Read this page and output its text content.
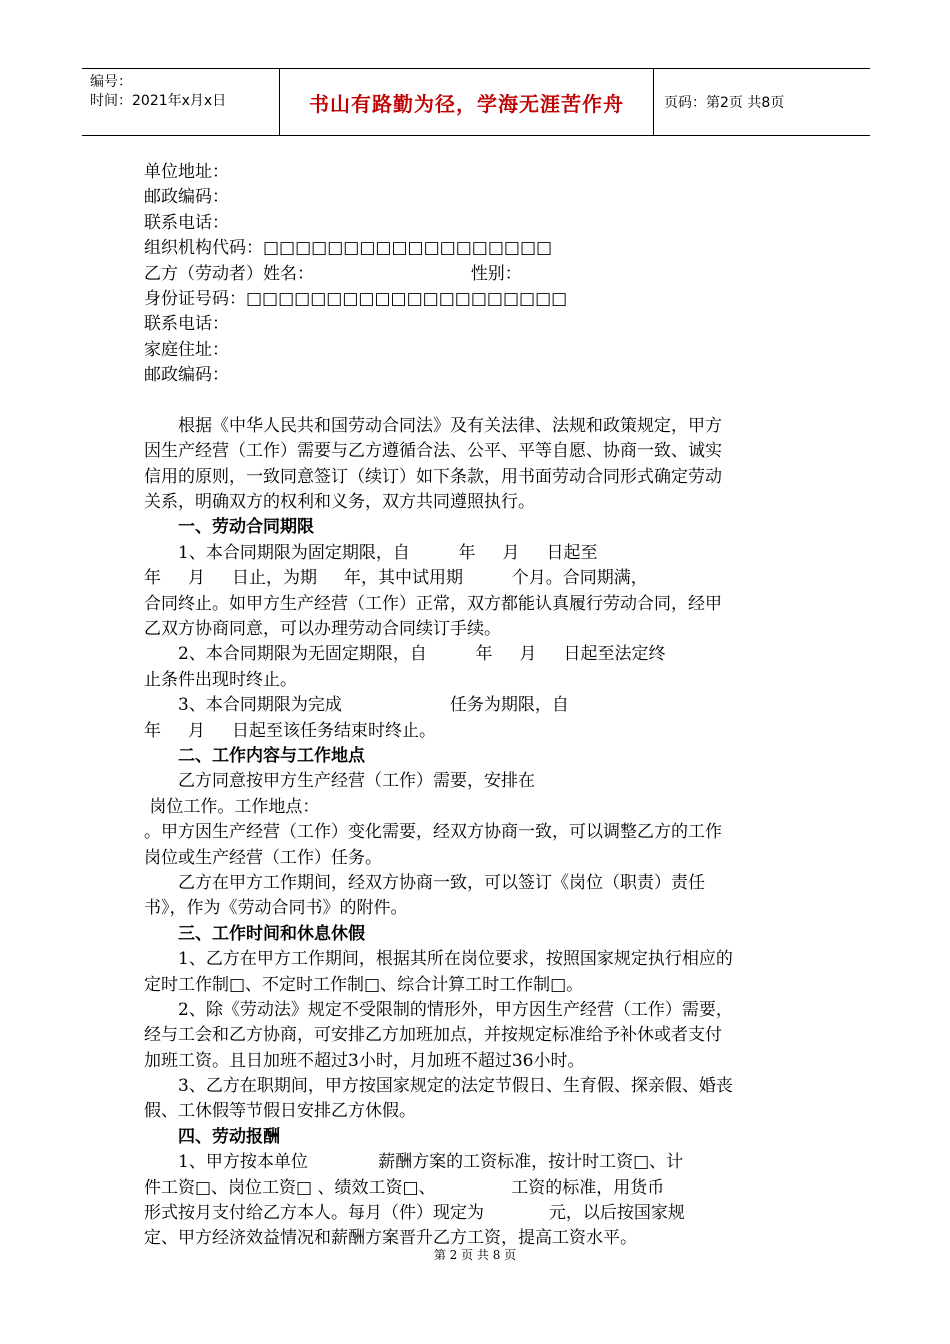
编号：
时间：2021年x月x日	书山有路勤为径，学海无涯苦作舟	页码：第2页 共8页
单位地址：
邮政编码：
联系电话：
组织机构代码：□□□□□□□□□□□□□□□□□□
乙方（劳动者）姓名：                             性别：
身份证号码：□□□□□□□□□□□□□□□□□□□□
联系电话：
家庭住址：
邮政编码：
根据《中华人民共和国劳动合同法》及有关法律、法规和政策规定，甲方
因生产经营（工作）需要与乙方遵循合法、公平、平等自愿、协商一致、诚实
信用的原则，一致同意签订（续订）如下条款，用书面劳动合同形式确定劳动
关系，明确双方的权利和义务，双方共同遵照执行。
一、劳动合同期限
1、本合同期限为固定期限，自         年     月     日起至
年     月     日止，为期     年，其中试用期         个月。合同期满，
合同终止。如甲方生产经营（工作）正常，双方都能认真履行劳动合同，经甲
乙双方协商同意，可以办理劳动合同续订手续。
2、本合同期限为无固定期限，自         年     月     日起至法定终
止条件出现时终止。
3、本合同期限为完成                    任务为期限，自
年     月     日起至该任务结束时终止。
二、工作内容与工作地点
乙方同意按甲方生产经营（工作）需要，安排在
岗位工作。工作地点：
。甲方因生产经营（工作）变化需要，经双方协商一致，可以调整乙方的工作
岗位或生产经营（工作）任务。
乙方在甲方工作期间，经双方协商一致，可以签订《岗位（职责）责任
书》，作为《劳动合同书》的附件。
三、工作时间和休息休假
1、乙方在甲方工作期间，根据其所在岗位要求，按照国家规定执行相应的
定时工作制□、不定时工作制□、综合计算工时工作制□。
2、除《劳动法》规定不受限制的情形外，甲方因生产经营（工作）需要，
经与工会和乙方协商，可安排乙方加班加点，并按规定标准给予补休或者支付
加班工资。且日加班不超过3小时，月加班不超过36小时。
3、乙方在职期间，甲方按国家规定的法定节假日、生育假、探亲假、婚丧
假、工休假等节假日安排乙方休假。
四、劳动报酬
1、甲方按本单位             薪酬方案的工资标准，按计时工资□、计
件工资□、岗位工资□ 、绩效工资□、              工资的标准，用货币
形式按月支付给乙方本人。每月（件）现定为            元，以后按国家规
定、甲方经济效益情况和薪酬方案晋升乙方工资，提高工资水平。
第 2 页 共 8 页
